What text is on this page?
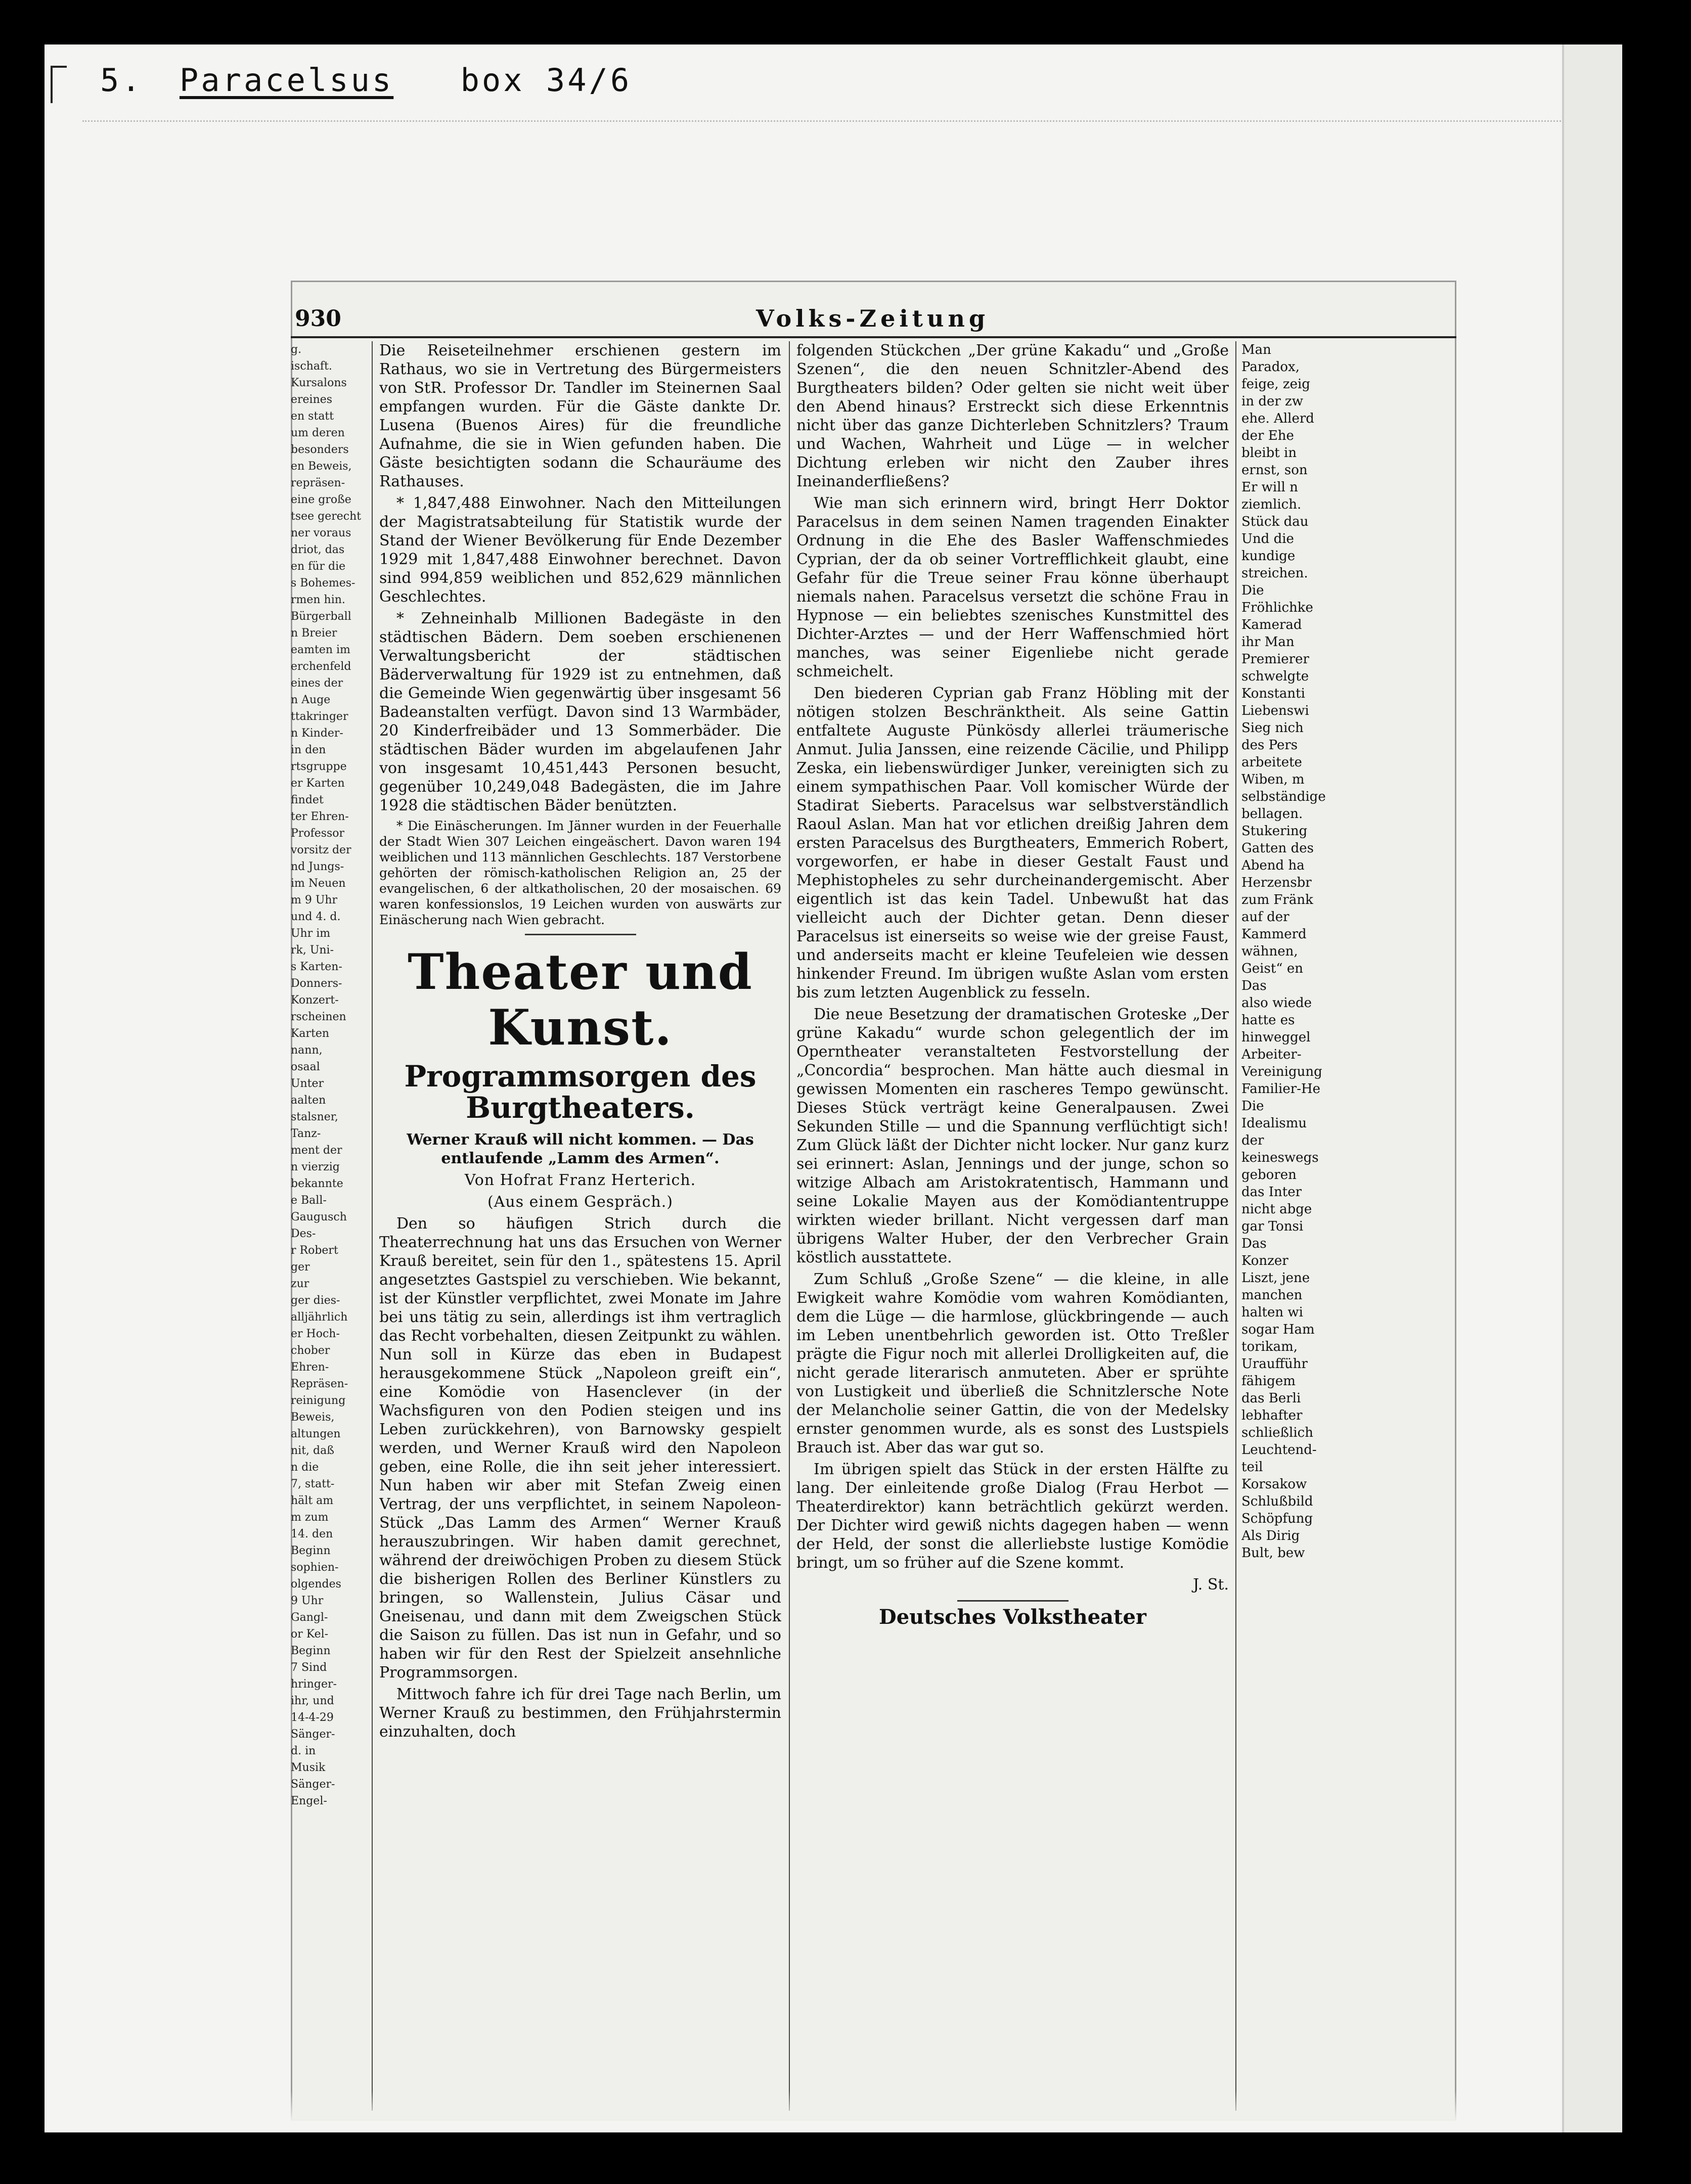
5. Paracelsus box 34/6
930	Volks-Zeitung
g.
ischaft.
Kursalons
ereines
en statt
um deren
besonders
en Beweis,
repräsen-
eine große
tsee gerecht
ner voraus
driot, das
en für die
s Bohemes-
rmen hin.
Bürgerball
n Breier
eamten im
erchenfeld
eines der
n Auge
ttakringer
n Kinder-
in den
rtsgruppe
er Karten
findet
ter Ehren-
Professor
vorsitz der
nd Jungs-
im Neuen
m 9 Uhr
und 4. d.
Uhr im
rk, Uni-
s Karten-
Donners-
Konzert-
rscheinen
Karten
nann,
osaal
Unter
aalten
stalsner,
Tanz-
ment der
n vierzig
bekannte
e Ball-
Gaugusch
Des-
r Robert
ger
zur
ger dies-
alljährlich
er Hoch-
chober
Ehren-
Repräsen-
reinigung
Beweis,
altungen
nit, daß
n die
7, statt-
hält am
m zum
14. den
Beginn
sophien-
olgendes
9 Uhr
Gangl-
or Kel-
Beginn
7 Sind
hringer-
ihr, und
14-4-29
Sänger-
d. in
Musik
Sänger-
Engel-

Die Reiseteilnehmer erschienen gestern im Rathaus, wo sie in Vertretung des Bürgermeisters von StR. Professor Dr. Tandler im Steinernen Saal empfangen wurden. Für die Gäste dankte Dr. Lusena (Buenos Aires) für die freundliche Aufnahme, die sie in Wien gefunden haben. Die Gäste besichtigten sodann die Schauräume des Rathauses.

* 1,847,488 Einwohner. Nach den Mitteilungen der Magistratsabteilung für Statistik wurde der Stand der Wiener Bevölkerung für Ende Dezember 1929 mit 1,847,488 Einwohner berechnet. Davon sind 994,859 weiblichen und 852,629 männlichen Geschlechtes.

* Zehneinhalb Millionen Badegäste in den städtischen Bädern. Dem soeben erschienenen Verwaltungsbericht der städtischen Bäderverwaltung für 1929 ist zu entnehmen, daß die Gemeinde Wien gegenwärtig über insgesamt 56 Badeanstalten verfügt. Davon sind 13 Warmbäder, 20 Kinderfreibäder und 13 Sommerbäder. Die städtischen Bäder wurden im abgelaufenen Jahr von insgesamt 10,451,443 Personen besucht, gegenüber 10,249,048 Badegästen, die im Jahre 1928 die städtischen Bäder benützten.

* Die Einäscherungen. Im Jänner wurden in der Feuerhalle der Stadt Wien 307 Leichen eingeäschert. Davon waren 194 weiblichen und 113 männlichen Geschlechts. 187 Verstorbene gehörten der römisch-katholischen Religion an, 25 der evangelischen, 6 der altkatholischen, 20 der mosaischen. 69 waren konfessionslos, 19 Leichen wurden von auswärts zur Einäscherung nach Wien gebracht.

Theater und Kunst.
Programmsorgen des Burgtheaters.
Werner Krauß will nicht kommen. — Das entlaufende „Lamm des Armen“.
Von Hofrat Franz Herterich.
(Aus einem Gespräch.)

Den so häufigen Strich durch die Theaterrechnung hat uns das Ersuchen von Werner Krauß bereitet, sein für den 1., spätestens 15. April angesetztes Gastspiel zu verschieben. Wie bekannt, ist der Künstler verpflichtet, zwei Monate im Jahre bei uns tätig zu sein, allerdings ist ihm vertraglich das Recht vorbehalten, diesen Zeitpunkt zu wählen. Nun soll in Kürze das eben in Budapest herausgekommene Stück „Napoleon greift ein“, eine Komödie von Hasenclever (in der Wachsfiguren von den Podien steigen und ins Leben zurückkehren), von Barnowsky gespielt werden, und Werner Krauß wird den Napoleon geben, eine Rolle, die ihn seit jeher interessiert. Nun haben wir aber mit Stefan Zweig einen Vertrag, der uns verpflichtet, in seinem Napoleon-Stück „Das Lamm des Armen“ Werner Krauß herauszubringen. Wir haben damit gerechnet, während der dreiwöchigen Proben zu diesem Stück die bisherigen Rollen des Berliner Künstlers zu bringen, so Wallenstein, Julius Cäsar und Gneisenau, und dann mit dem Zweigschen Stück die Saison zu füllen. Das ist nun in Gefahr, und so haben wir für den Rest der Spielzeit ansehnliche Programmsorgen.

Mittwoch fahre ich für drei Tage nach Berlin, um Werner Krauß zu bestimmen, den Frühjahrstermin einzuhalten, doch

folgenden Stückchen „Der grüne Kakadu“ und „Große Szenen“, die den neuen Schnitzler-Abend des Burgtheaters bilden? Oder gelten sie nicht weit über den Abend hinaus? Erstreckt sich diese Erkenntnis nicht über das ganze Dichterleben Schnitzlers? Traum und Wachen, Wahrheit und Lüge — in welcher Dichtung erleben wir nicht den Zauber ihres Ineinanderfließens?

Wie man sich erinnern wird, bringt Herr Doktor Paracelsus in dem seinen Namen tragenden Einakter Ordnung in die Ehe des Basler Waffenschmiedes Cyprian, der da ob seiner Vortrefflichkeit glaubt, eine Gefahr für die Treue seiner Frau könne überhaupt niemals nahen. Paracelsus versetzt die schöne Frau in Hypnose — ein beliebtes szenisches Kunstmittel des Dichter-Arztes — und der Herr Waffenschmied hört manches, was seiner Eigenliebe nicht gerade schmeichelt.

Den biederen Cyprian gab Franz Höbling mit der nötigen stolzen Beschränktheit. Als seine Gattin entfaltete Auguste Pünkösdy allerlei träumerische Anmut. Julia Janssen, eine reizende Cäcilie, und Philipp Zeska, ein liebenswürdiger Junker, vereinigten sich zu einem sympathischen Paar. Voll komischer Würde der Stadirat Sieberts. Paracelsus war selbstverständlich Raoul Aslan. Man hat vor etlichen dreißig Jahren dem ersten Paracelsus des Burgtheaters, Emmerich Robert, vorgeworfen, er habe in dieser Gestalt Faust und Mephistopheles zu sehr durcheinandergemischt. Aber eigentlich ist das kein Tadel. Unbewußt hat das vielleicht auch der Dichter getan. Denn dieser Paracelsus ist einerseits so weise wie der greise Faust, und anderseits macht er kleine Teufeleien wie dessen hinkender Freund. Im übrigen wußte Aslan vom ersten bis zum letzten Augenblick zu fesseln.

Die neue Besetzung der dramatischen Groteske „Der grüne Kakadu“ wurde schon gelegentlich der im Operntheater veranstalteten Festvorstellung der „Concordia“ besprochen. Man hätte auch diesmal in gewissen Momenten ein rascheres Tempo gewünscht. Dieses Stück verträgt keine Generalpausen. Zwei Sekunden Stille — und die Spannung verflüchtigt sich! Zum Glück läßt der Dichter nicht locker. Nur ganz kurz sei erinnert: Aslan, Jennings und der junge, schon so witzige Albach am Aristokratentisch, Hammann und seine Lokalie Mayen aus der Komödiantentruppe wirkten wieder brillant. Nicht vergessen darf man übrigens Walter Huber, der den Verbrecher Grain köstlich ausstattete.

Zum Schluß „Große Szene“ — die kleine, in alle Ewigkeit wahre Komödie vom wahren Komödianten, dem die Lüge — die harmlose, glückbringende — auch im Leben unentbehrlich geworden ist. Otto Treßler prägte die Figur noch mit allerlei Drolligkeiten auf, die nicht gerade literarisch anmuteten. Aber er sprühte von Lustigkeit und überließ die Schnitzlersche Note der Melancholie seiner Gattin, die von der Medelsky ernster genommen wurde, als es sonst des Lustspiels Brauch ist. Aber das war gut so.

Im übrigen spielt das Stück in der ersten Hälfte zu lang. Der einleitende große Dialog (Frau Herbot — Theaterdirektor) kann beträchtlich gekürzt werden. Der Dichter wird gewiß nichts dagegen haben — wenn der Held, der sonst die allerliebste lustige Komödie bringt, um so früher auf die Szene kommt.

J. St.

Deutsches Volkstheater
Man
Paradox,
feige, zeig
in der zw
ehe. Allerd
der Ehe
bleibt in
ernst, son
Er will n
ziemlich.
Stück dau
Und die
kundige
streichen.
Die
Fröhlichke
Kamerad
ihr Man
Premierer
schwelgte
Konstanti
Liebenswi
Sieg nich
des Pers
arbeitete
Wiben, m
selbständige
bellagen.
Stukering
Gatten des
Abend ha
Herzensbr
zum Fränk
auf der
Kammerd
wähnen,
Geist“ en
Das
also wiede
hatte es
hinweggel
Arbeiter-
Vereinigung
Familier-He
Die
Idealismu
der
keineswegs
geboren
das Inter
nicht abge
gar Tonsi
Das
Konzer
Liszt, jene
manchen
halten wi
sogar Ham
torikam,
Uraufführ
fähigem
das Berli
lebhafter
schließlich
Leuchtend-
teil
Korsakow
Schlußbild
Schöpfung
Als Dirig
Bult, bew
